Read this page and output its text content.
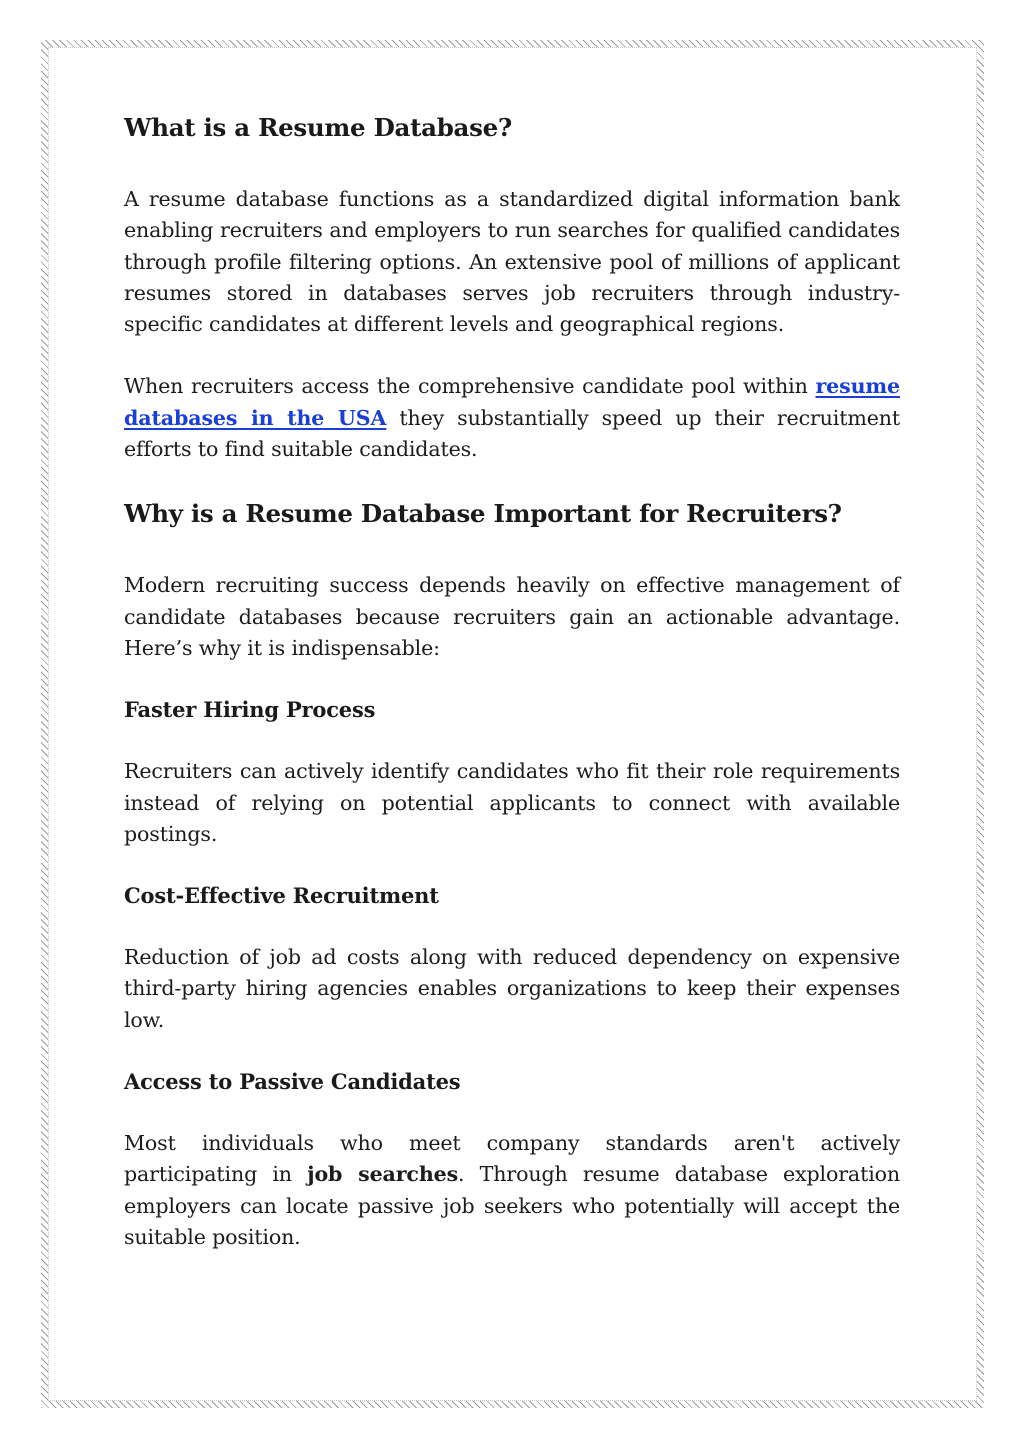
What is a Resume Database?

A resume database functions as a standardized digital information bank enabling recruiters and employers to run searches for qualified candidates through profile filtering options. An extensive pool of millions of applicant resumes stored in databases serves job recruiters through industry-specific candidates at different levels and geographical regions.

When recruiters access the comprehensive candidate pool within resume databases in the USA they substantially speed up their recruitment efforts to find suitable candidates.

Why is a Resume Database Important for Recruiters?

Modern recruiting success depends heavily on effective management of candidate databases because recruiters gain an actionable advantage. Here’s why it is indispensable:

Faster Hiring Process

Recruiters can actively identify candidates who fit their role requirements instead of relying on potential applicants to connect with available postings.

Cost-Effective Recruitment

Reduction of job ad costs along with reduced dependency on expensive third-party hiring agencies enables organizations to keep their expenses low.

Access to Passive Candidates

Most individuals who meet company standards aren't actively participating in job searches. Through resume database exploration employers can locate passive job seekers who potentially will accept the suitable position.
